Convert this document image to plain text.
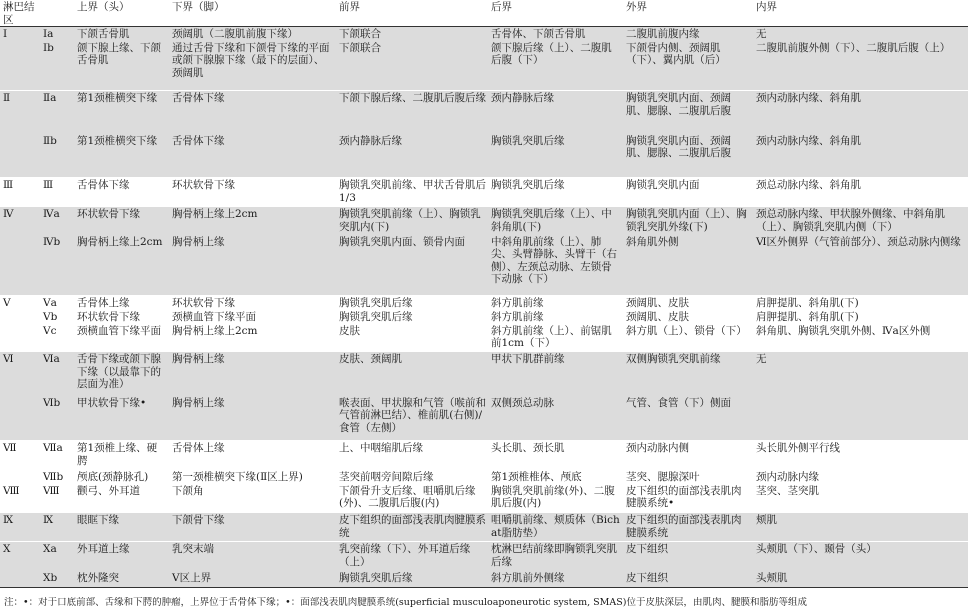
淋巴结区		上界（头）	下界（脚）	前界	后界	外界	内界
Ⅰ	Ⅰa	下颌舌骨肌	颈阔肌（二腹肌前腹下缘）	下颌联合	舌骨体、下颌舌骨肌	二腹肌前腹内缘	无
	Ⅰb	颌下腺上缘、下颌舌骨肌	通过舌骨下缘和下颌骨下缘的平面或颌下腺腺下缘（最下的层面）、颈阔肌	下颌联合	颌下腺后缘（上）、二腹肌后腹（下）	下颌骨内侧、颈阔肌（下）、翼内肌（后）	二腹肌前腹外侧（下）、二腹肌后腹（上）
Ⅱ	Ⅱa	第1颈椎横突下缘	舌骨体下缘	下颌下腺后缘、二腹肌后腹后缘	颈内静脉后缘	胸锁乳突肌内面、颈阔肌、腮腺、二腹肌后腹	颈内动脉内缘、斜角肌
	Ⅱb	第1颈椎横突下缘	舌骨体下缘	颈内静脉后缘	胸锁乳突肌后缘	胸锁乳突肌内面、颈阔肌、腮腺、二腹肌后腹	颈内动脉内缘、斜角肌
Ⅲ	Ⅲ	舌骨体下缘	环状软骨下缘	胸锁乳突肌前缘、甲状舌骨肌后1/3	胸锁乳突肌后缘	胸锁乳突肌内面	颈总动脉内缘、斜角肌
Ⅳ	Ⅳa	环状软骨下缘	胸骨柄上缘上2cm	胸锁乳突肌前缘（上）、胸锁乳突肌内(下)	胸锁乳突肌后缘（上）、中斜角肌(下)	胸锁乳突肌内面（上）、胸锁乳突肌外缘(下)	颈总动脉内缘、甲状腺外侧缘、中斜角肌（上）、胸锁乳突肌内侧（下）
	Ⅳb	胸骨柄上缘上2cm	胸骨柄上缘	胸锁乳突肌内面、锁骨内面	中斜角肌前缘（上）、肺尖、头臂静脉、头臂干（右侧）、左颈总动脉、左锁骨下动脉（下）	斜角肌外侧	Ⅵ区外侧界（气管前部分）、颈总动脉内侧缘
Ⅴ	Ⅴa	舌骨体上缘	环状软骨下缘	胸锁乳突肌后缘	斜方肌前缘	颈阔肌、皮肤	肩胛提肌、斜角肌(下)
	Ⅴb	环状软骨下缘	颈横血管下缘平面	胸锁乳突肌后缘	斜方肌前缘	颈阔肌、皮肤	肩胛提肌、斜角肌(下)
	Ⅴc	颈横血管下缘平面	胸骨柄上缘上2cm	皮肤	斜方肌前缘（上）、前锯肌前1cm（下）	斜方肌（上）、锁骨（下）	斜角肌、胸锁乳突肌外侧、Ⅳa区外侧
Ⅵ	Ⅵa	舌骨下缘或颌下腺下缘（以最靠下的层面为准）	胸骨柄上缘	皮肤、颈阔肌	甲状下肌群前缘	双侧胸锁乳突肌前缘	无
	Ⅵb	甲状软骨下缘•	胸骨柄上缘	喉表面、甲状腺和气管（喉前和气管前淋巴结）、椎前肌(右侧)/食管（左侧）	双侧颈总动脉	气管、食管（下）侧面	
Ⅶ	Ⅶa	第1颈椎上缘、硬腭	舌骨体上缘	上、中咽缩肌后缘	头长肌、颈长肌	颈内动脉内侧	头长肌外侧平行线
	Ⅶb	颅底(颈静脉孔)	第一颈椎横突下缘(Ⅱ区上界)	茎突前咽旁间隙后缘	第1颈椎椎体、颅底	茎突、腮腺深叶	颈内动脉内缘
Ⅷ	Ⅷ	颧弓、外耳道	下颌角	下颌骨升支后缘、咀嚼肌后缘(外)、二腹肌后腹(内)	胸锁乳突肌前缘(外)、二腹肌后腹(内)	皮下组织的面部浅表肌肉腱膜系统•	茎突、茎突肌
Ⅸ	Ⅸ	眼眶下缘	下颌骨下缘	皮下组织的面部浅表肌肉腱膜系统	咀嚼肌前缘、颊质体（Bichat脂肪垫）	皮下组织的面部浅表肌肉腱膜系统	颊肌
Ⅹ	Ⅹa	外耳道上缘	乳突末端	乳突前缘（下）、外耳道后缘（上）	枕淋巴结前缘即胸锁乳突肌后缘	皮下组织	头颊肌（下）、颞骨（头）
	Ⅹb	枕外隆突	Ⅴ区上界	胸锁乳突肌后缘	斜方肌前外侧缘	皮下组织	头颊肌
注：•：对于口底前部、舌缘和下腭的肿瘤，上界位于舌骨体下缘；•：面部浅表肌肉腱膜系统(superficial musculoaponeurotic system, SMAS)位于皮肤深层，由肌肉、腱膜和脂肪等组成
